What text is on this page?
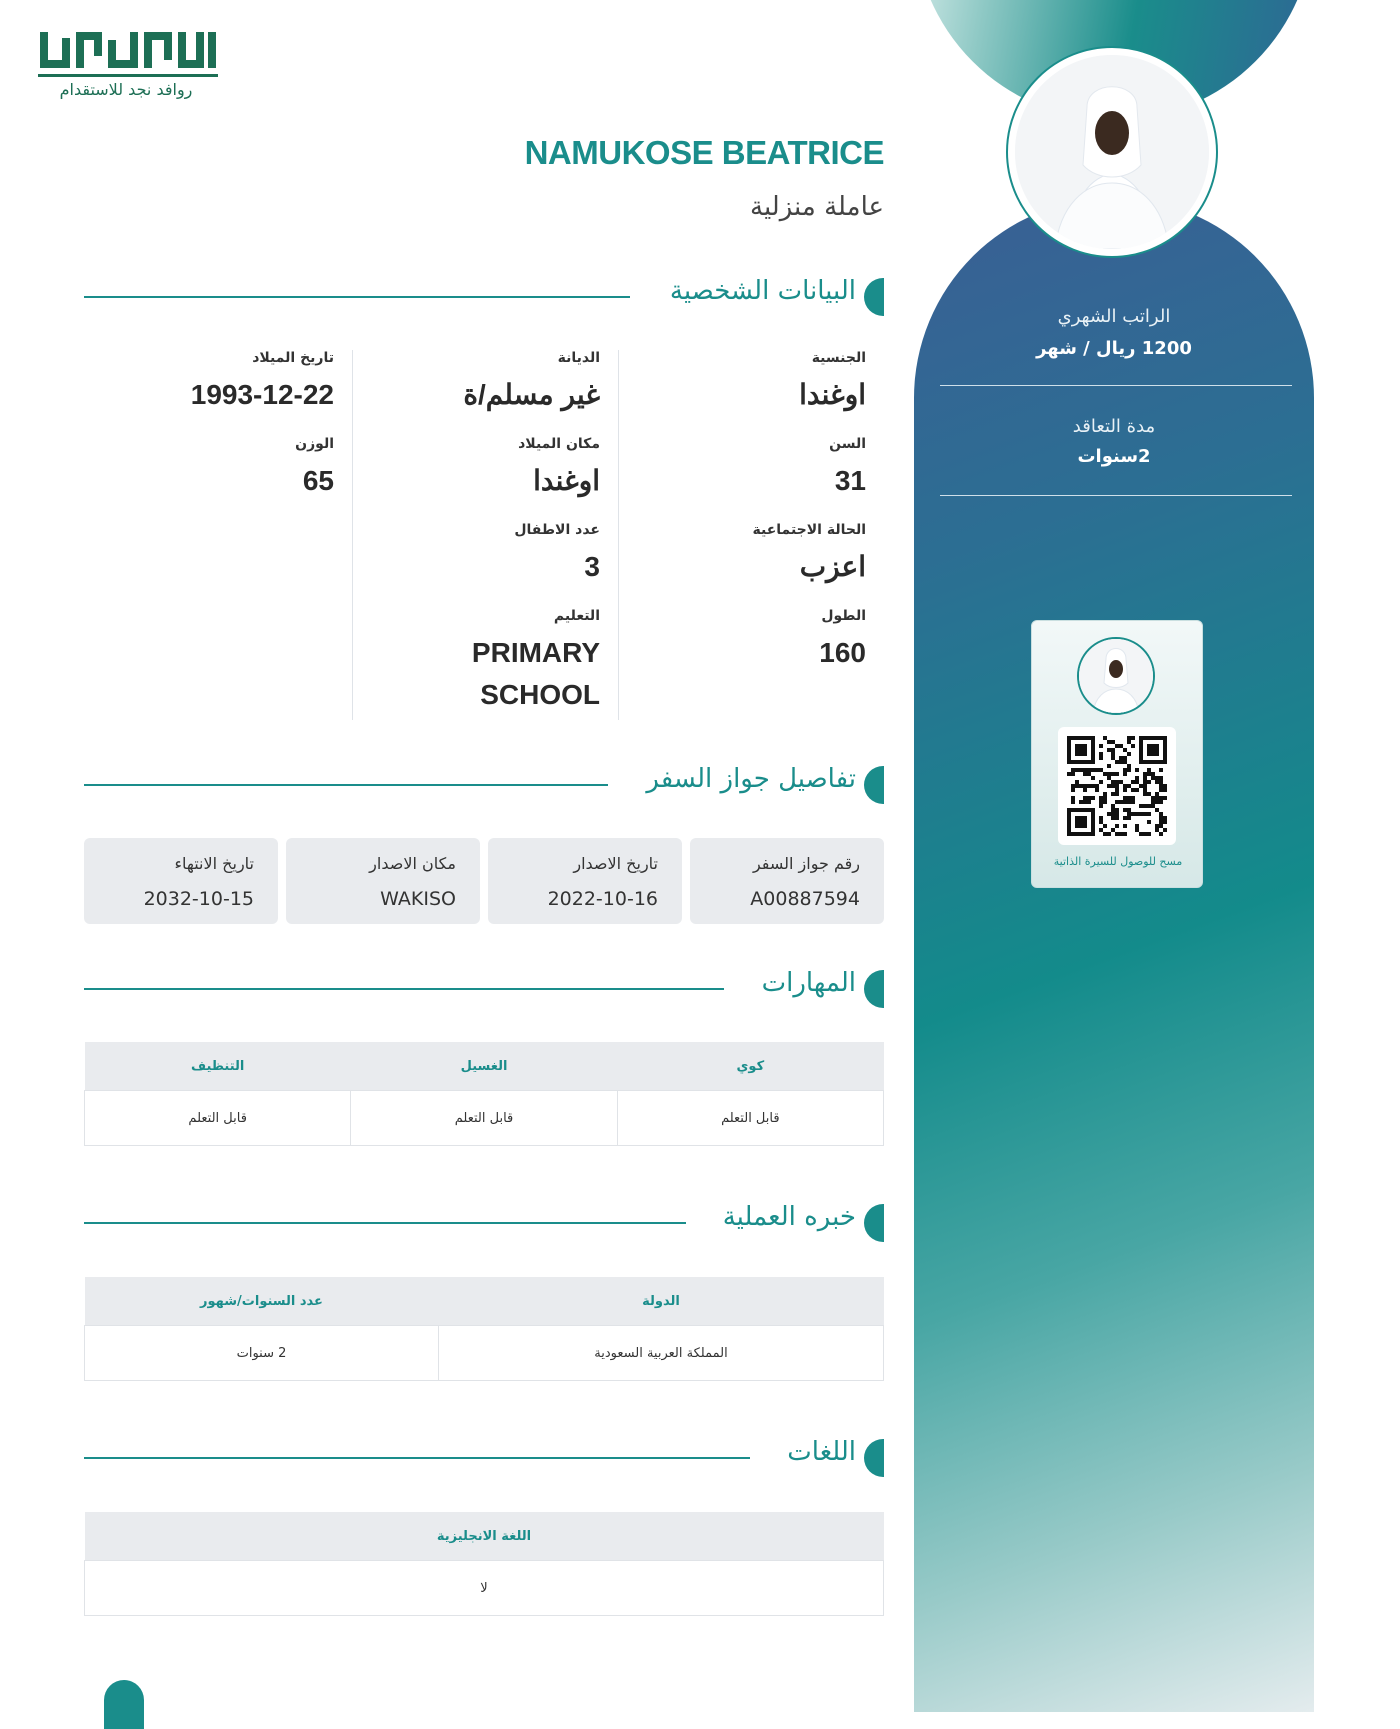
الراتب الشهري
1200 ريال / شهر
مدة التعاقد
2سنوات
مسح للوصول للسيرة الذاتية
روافد نجد للاستقدام
NAMUKOSE BEATRICE
عاملة منزلية
البيانات الشخصية
الجنسية
اوغندا
السن
31
الحالة الاجتماعية
اعزب
الطول
160
الديانة
غير مسلم/ة
مكان الميلاد
اوغندا
عدد الاطفال
3
التعليم
PRIMARY SCHOOL
تاريخ الميلاد
1993-12-22
الوزن
65
تفاصيل جواز السفر
رقم جواز السفر
A00887594
تاريخ الاصدار
2022-10-16
مكان الاصدار
WAKISO
تاريخ الانتهاء
2032-10-15
المهارات
كوي	الغسيل	التنظيف
قابل التعلم	قابل التعلم	قابل التعلم
خبره العملية
الدولة	عدد السنوات/شهور
المملكة العربية السعودية	2 سنوات
اللغات
اللغة الانجليزية
لا
